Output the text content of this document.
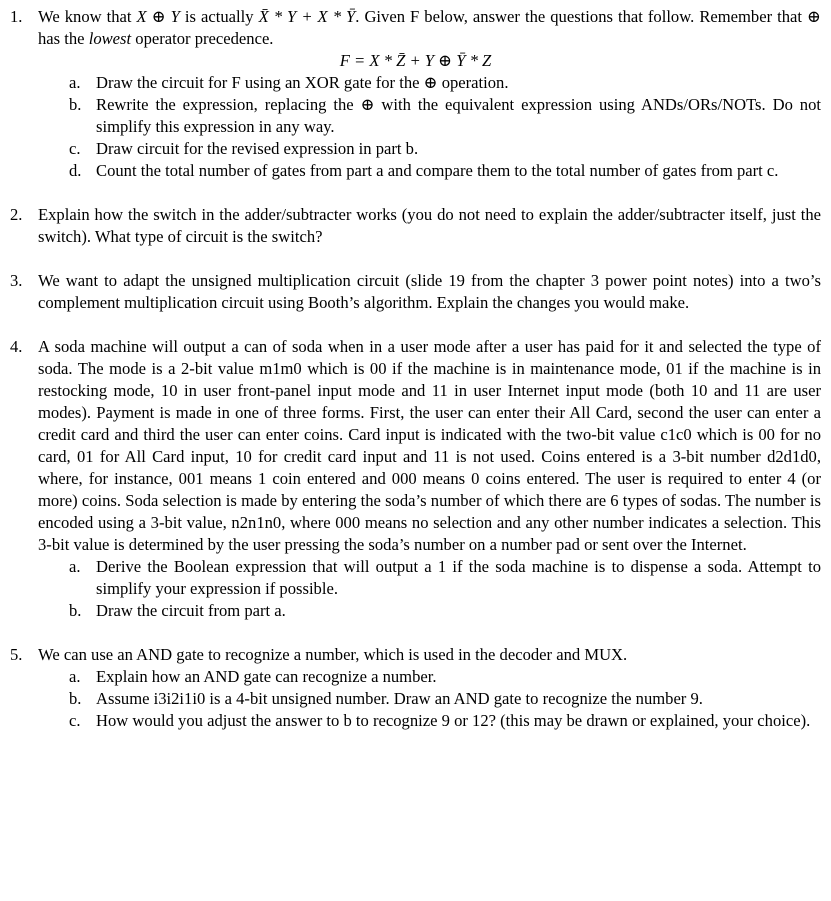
1. We know that X ⊕ Y is actually X̄ * Y + X * Ȳ. Given F below, answer the questions that follow. Remember that ⊕ has the lowest operator precedence.

F = X * Z̄ + Y ⊕ Ȳ * Z

a. Draw the circuit for F using an XOR gate for the ⊕ operation.
b. Rewrite the expression, replacing the ⊕ with the equivalent expression using ANDs/ORs/NOTs. Do not simplify this expression in any way.
c. Draw circuit for the revised expression in part b.
d. Count the total number of gates from part a and compare them to the total number of gates from part c.
2. Explain how the switch in the adder/subtracter works (you do not need to explain the adder/subtracter itself, just the switch). What type of circuit is the switch?
3. We want to adapt the unsigned multiplication circuit (slide 19 from the chapter 3 power point notes) into a two’s complement multiplication circuit using Booth’s algorithm. Explain the changes you would make.
4. A soda machine will output a can of soda when in a user mode after a user has paid for it and selected the type of soda. The mode is a 2-bit value m1m0 which is 00 if the machine is in maintenance mode, 01 if the machine is in restocking mode, 10 in user front-panel input mode and 11 in user Internet input mode (both 10 and 11 are user modes). Payment is made in one of three forms. First, the user can enter their All Card, second the user can enter a credit card and third the user can enter coins. Card input is indicated with the two-bit value c1c0 which is 00 for no card, 01 for All Card input, 10 for credit card input and 11 is not used. Coins entered is a 3-bit number d2d1d0, where, for instance, 001 means 1 coin entered and 000 means 0 coins entered. The user is required to enter 4 (or more) coins. Soda selection is made by entering the soda’s number of which there are 6 types of sodas. The number is encoded using a 3-bit value, n2n1n0, where 000 means no selection and any other number indicates a selection. This 3-bit value is determined by the user pressing the soda’s number on a number pad or sent over the Internet.
a. Derive the Boolean expression that will output a 1 if the soda machine is to dispense a soda. Attempt to simplify your expression if possible.
b. Draw the circuit from part a.
5. We can use an AND gate to recognize a number, which is used in the decoder and MUX.
a. Explain how an AND gate can recognize a number.
b. Assume i3i2i1i0 is a 4-bit unsigned number. Draw an AND gate to recognize the number 9.
c. How would you adjust the answer to b to recognize 9 or 12? (this may be drawn or explained, your choice).
